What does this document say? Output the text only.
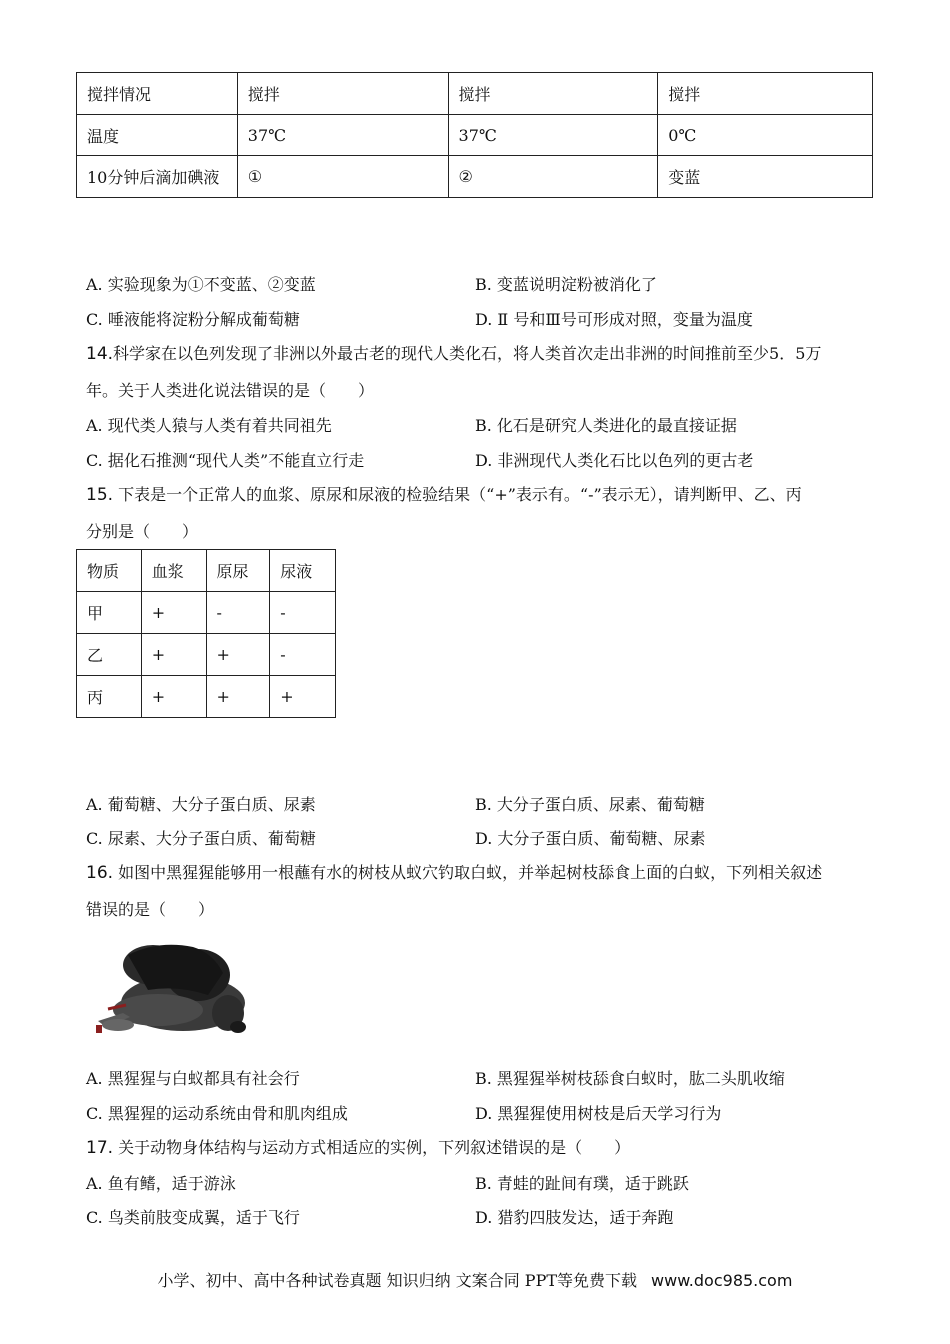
搅拌情况	搅拌	搅拌	搅拌
温度	37℃	37℃	0℃
10分钟后滴加碘液	①	②	变蓝
A. 实验现象为①不变蓝、②变蓝	B. 变蓝说明淀粉被消化了
C. 唾液能将淀粉分解成葡萄糖	D. Ⅱ 号和Ⅲ号可形成对照，变量为温度
14.科学家在以色列发现了非洲以外最古老的现代人类化石，将人类首次走出非洲的时间推前至少5．5万
年。关于人类进化说法错误的是（　　）
A. 现代类人猿与人类有着共同祖先	B. 化石是研究人类进化的最直接证据
C. 据化石推测“现代人类”不能直立行走	D. 非洲现代人类化石比以色列的更古老
15. 下表是一个正常人的血浆、原尿和尿液的检验结果（“+”表示有。“-”表示无），请判断甲、乙、丙
分别是（　　）
物质	血浆	原尿	尿液
甲	+	-	-
乙	+	+	-
丙	+	+	+
A. 葡萄糖、大分子蛋白质、尿素	B. 大分子蛋白质、尿素、葡萄糖
C. 尿素、大分子蛋白质、葡萄糖	D. 大分子蛋白质、葡萄糖、尿素
16. 如图中黑猩猩能够用一根蘸有水的树枝从蚁穴钓取白蚁，并举起树枝舔食上面的白蚁，下列相关叙述
错误的是（　　）
A. 黑猩猩与白蚁都具有社会行	B. 黑猩猩举树枝舔食白蚁时，肱二头肌收缩
C. 黑猩猩的运动系统由骨和肌肉组成	D. 黑猩猩使用树枝是后天学习行为
17. 关于动物身体结构与运动方式相适应的实例，下列叙述错误的是（　　）
A. 鱼有鳍，适于游泳	B. 青蛙的趾间有璞，适于跳跃
C. 鸟类前肢变成翼，适于飞行	D. 猎豹四肢发达，适于奔跑
小学、初中、高中各种试卷真题 知识归纳 文案合同 PPT等免费下载 www.doc985.com
